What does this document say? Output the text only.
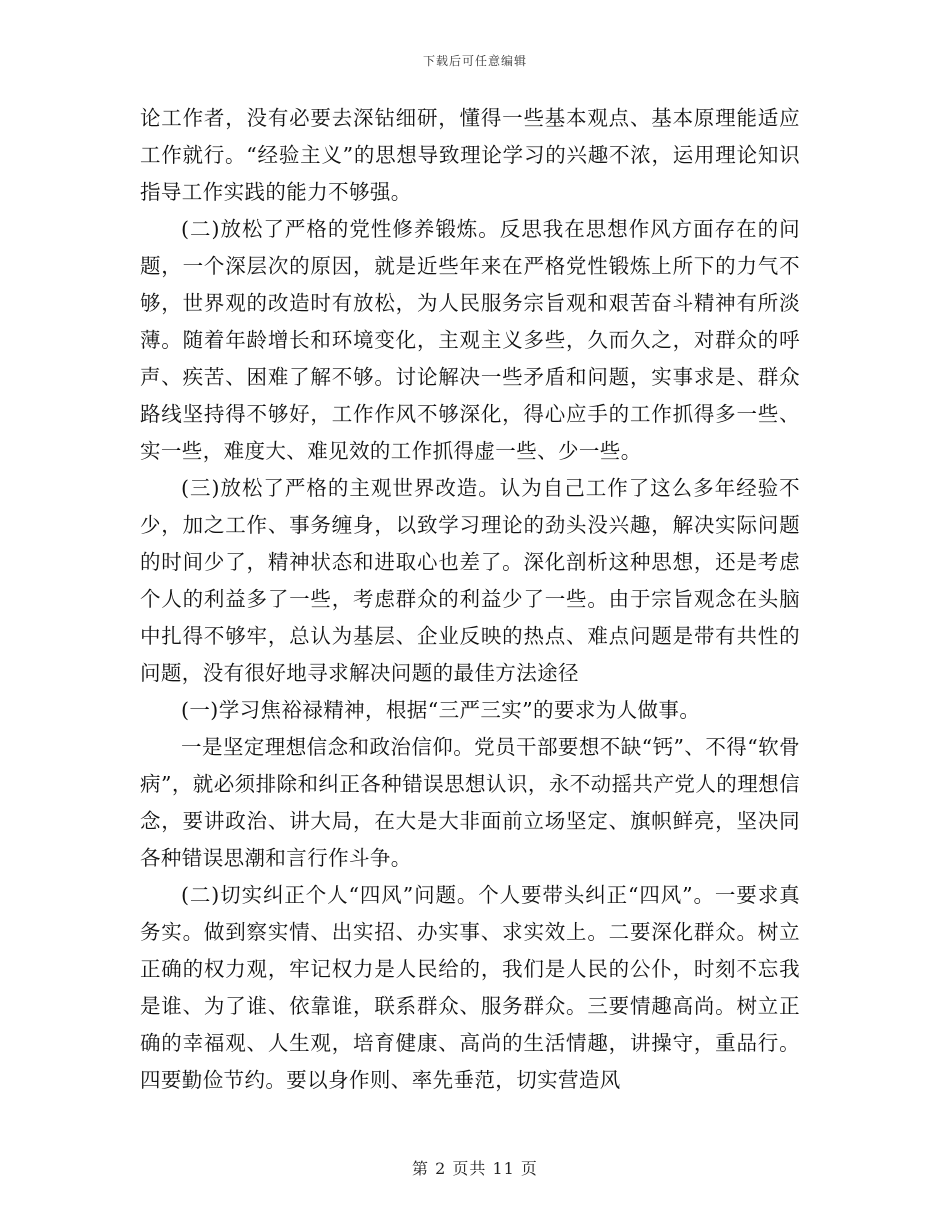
下载后可任意编辑

论工作者，没有必要去深钻细研，懂得一些基本观点、基本原理能适应工作就行。“经验主义”的思想导致理论学习的兴趣不浓，运用理论知识指导工作实践的能力不够强。

(二)放松了严格的党性修养锻炼。反思我在思想作风方面存在的问题，一个深层次的原因，就是近些年来在严格党性锻炼上所下的力气不够，世界观的改造时有放松，为人民服务宗旨观和艰苦奋斗精神有所淡薄。随着年龄增长和环境变化，主观主义多些，久而久之，对群众的呼声、疾苦、困难了解不够。讨论解决一些矛盾和问题，实事求是、群众路线坚持得不够好，工作作风不够深化，得心应手的工作抓得多一些、实一些，难度大、难见效的工作抓得虚一些、少一些。

(三)放松了严格的主观世界改造。认为自己工作了这么多年经验不少，加之工作、事务缠身，以致学习理论的劲头没兴趣，解决实际问题的时间少了，精神状态和进取心也差了。深化剖析这种思想，还是考虑个人的利益多了一些，考虑群众的利益少了一些。由于宗旨观念在头脑中扎得不够牢，总认为基层、企业反映的热点、难点问题是带有共性的问题，没有很好地寻求解决问题的最佳方法途径

(一)学习焦裕禄精神，根据“三严三实”的要求为人做事。

一是坚定理想信念和政治信仰。党员干部要想不缺“钙”、不得“软骨病”，就必须排除和纠正各种错误思想认识，永不动摇共产党人的理想信念，要讲政治、讲大局，在大是大非面前立场坚定、旗帜鲜亮，坚决同各种错误思潮和言行作斗争。

(二)切实纠正个人“四风”问题。个人要带头纠正“四风”。一要求真务实。做到察实情、出实招、办实事、求实效上。二要深化群众。树立正确的权力观，牢记权力是人民给的，我们是人民的公仆，时刻不忘我是谁、为了谁、依靠谁，联系群众、服务群众。三要情趣高尚。树立正确的幸福观、人生观，培育健康、高尚的生活情趣，讲操守，重品行。四要勤俭节约。要以身作则、率先垂范，切实营造风

第 2 页共 11 页
